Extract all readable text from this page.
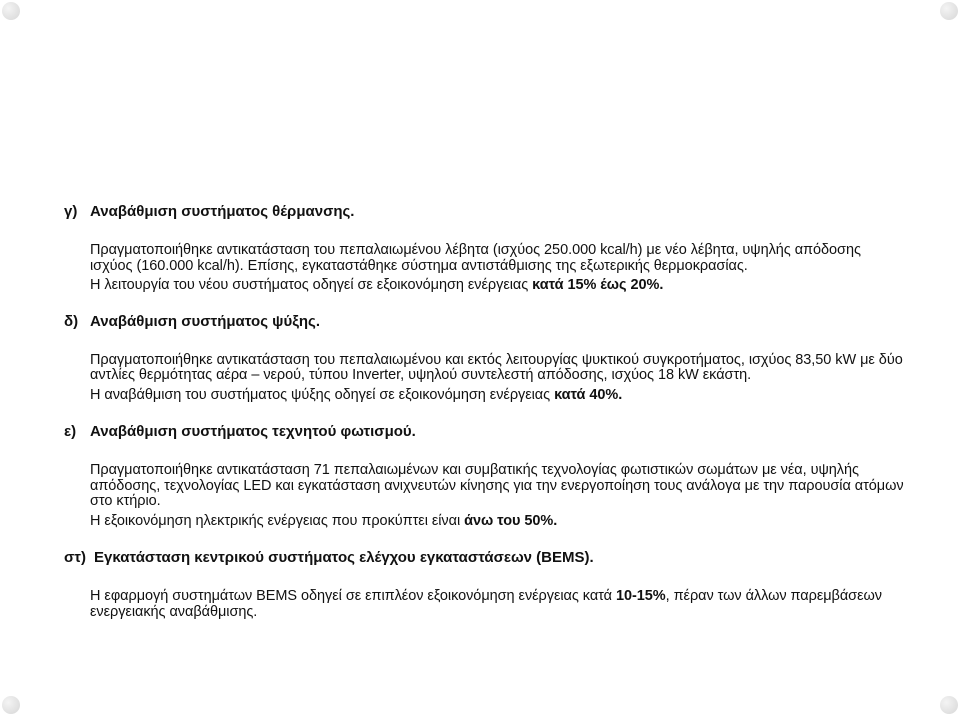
γ) Αναβάθμιση συστήματος θέρμανσης.

Πραγματοποιήθηκε αντικατάσταση του πεπαλαιωμένου λέβητα (ισχύος 250.000 kcal/h) με νέο λέβητα, υψηλής απόδοσης ισχύος (160.000 kcal/h). Επίσης, εγκαταστάθηκε σύστημα αντιστάθμισης της εξωτερικής θερμοκρασίας.

Η λειτουργία του νέου συστήματος οδηγεί σε εξοικονόμηση ενέργειας κατά 15% έως 20%.

δ) Αναβάθμιση συστήματος ψύξης.

Πραγματοποιήθηκε αντικατάσταση του πεπαλαιωμένου και εκτός λειτουργίας ψυκτικού συγκροτήματος, ισχύος 83,50 kW με δύο αντλίες θερμότητας αέρα – νερού, τύπου Inverter, υψηλού συντελεστή απόδοσης, ισχύος 18 kW εκάστη.

Η αναβάθμιση του συστήματος ψύξης οδηγεί σε εξοικονόμηση ενέργειας κατά 40%.

ε) Αναβάθμιση συστήματος τεχνητού φωτισμού.

Πραγματοποιήθηκε αντικατάσταση 71 πεπαλαιωμένων και συμβατικής τεχνολογίας φωτιστικών σωμάτων με νέα, υψηλής απόδοσης, τεχνολογίας LED και εγκατάσταση ανιχνευτών κίνησης για την ενεργοποίηση τους ανάλογα με την παρουσία ατόμων στο κτήριο.

Η εξοικονόμηση ηλεκτρικής ενέργειας που προκύπτει είναι άνω του 50%.

στ) Εγκατάσταση κεντρικού συστήματος ελέγχου εγκαταστάσεων (BEMS).

Η εφαρμογή συστημάτων BEMS οδηγεί σε επιπλέον εξοικονόμηση ενέργειας κατά 10-15%, πέραν των άλλων παρεμβάσεων ενεργειακής αναβάθμισης.
